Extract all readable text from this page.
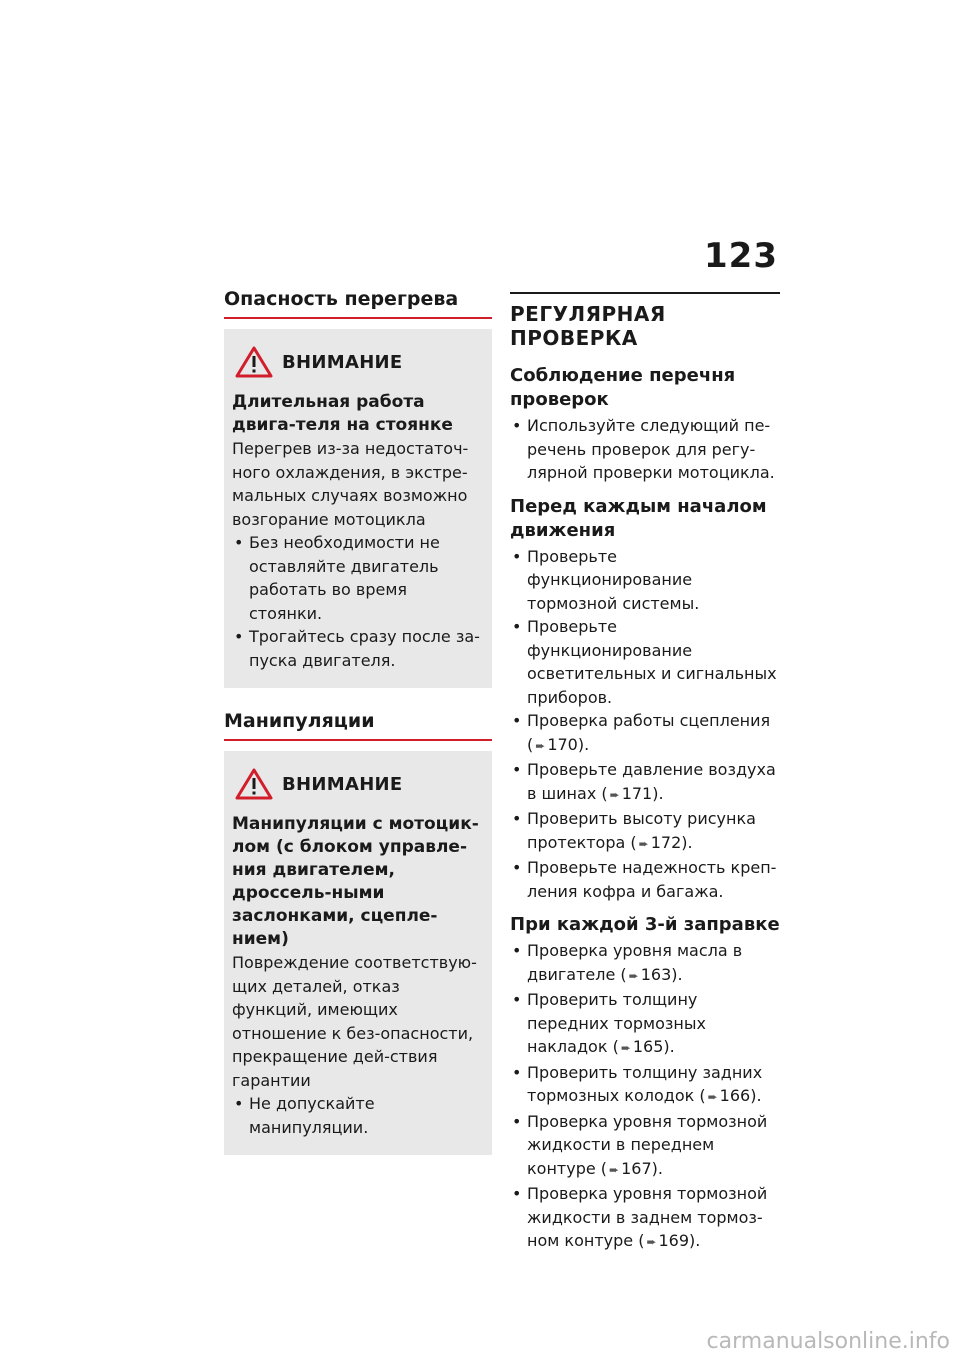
123
Опасность перегрева
ВНИМАНИЕ

Длительная работа двига-теля на стоянке

Перегрев из-за недостаточ-ного охлаждения, в экстре-мальных случаях возможно возгорание мотоцикла

• Без необходимости не оставляйте двигатель работать во время стоянки.
• Трогайтесь сразу после за-пуска двигателя.
Манипуляции
ВНИМАНИЕ

Манипуляции с мотоцик-лом (с блоком управле-ния двигателем, дроссель-ными заслонками, сцепле-нием)

Повреждение соответствую-щих деталей, отказ функций, имеющих отношение к без-опасности, прекращение дей-ствия гарантии

• Не допускайте манипуляции.
РЕГУЛЯРНАЯ ПРОВЕРКА
Соблюдение перечня проверок
• Используйте следующий пе-речень проверок для регу-лярной проверки мотоцикла.
Перед каждым началом движения
• Проверьте функционирование тормозной системы.
• Проверьте функционирование осветительных и сигнальных приборов.
• Проверка работы сцепления ( ➨ 170).
• Проверьте давление воздуха в шинах ( ➨ 171).
• Проверить высоту рисунка протектора ( ➨ 172).
• Проверьте надежность креп-ления кофра и багажа.
При каждой 3-й заправке
• Проверка уровня масла в двигателе ( ➨ 163).
• Проверить толщину передних тормозных накладок ( ➨ 165).
• Проверить толщину задних тормозных колодок ( ➨ 166).
• Проверка уровня тормозной жидкости в переднем контуре ( ➨ 167).
• Проверка уровня тормозной жидкости в заднем тормоз-ном контуре ( ➨ 169).
carmanualsonline.info
